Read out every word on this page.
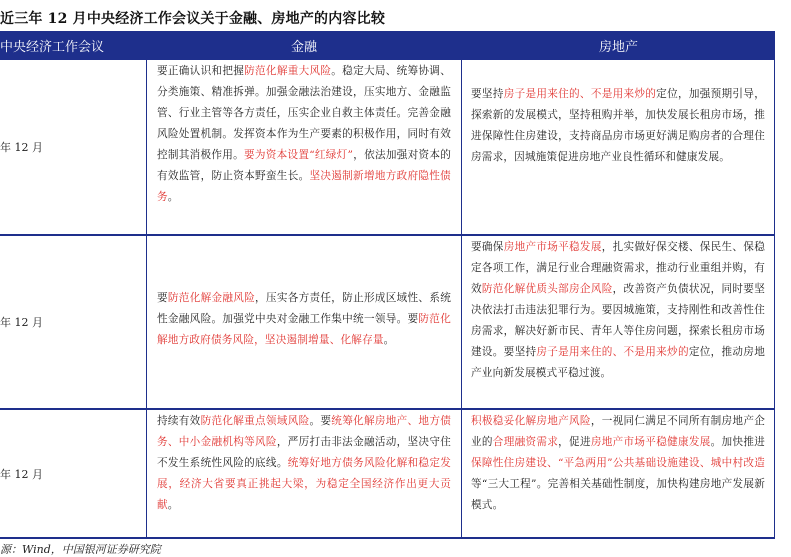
近三年 12 月中央经济工作会议关于金融、房地产的内容比较
中央经济工作会议	金融	房地产
年 12 月
要正确认识和把握防范化解重大风险。稳定大局、统筹协调、分类施策、精准拆弹。加强金融法治建设，压实地方、金融监管、行业主管等各方责任，压实企业自救主体责任。完善金融风险处置机制。发挥资本作为生产要素的积极作用，同时有效控制其消极作用。要为资本设置“红绿灯”，依法加强对资本的有效监管，防止资本野蛮生长。坚决遏制新增地方政府隐性债务。
要坚持房子是用来住的、不是用来炒的定位，加强预期引导，探索新的发展模式，坚持租购并举，加快发展长租房市场，推进保障性住房建设，支持商品房市场更好满足购房者的合理住房需求，因城施策促进房地产业良性循环和健康发展。
年 12 月
要防范化解金融风险，压实各方责任，防止形成区域性、系统性金融风险。加强党中央对金融工作集中统一领导。要防范化解地方政府债务风险，坚决遏制增量、化解存量。
要确保房地产市场平稳发展，扎实做好保交楼、保民生、保稳定各项工作，满足行业合理融资需求，推动行业重组并购，有效防范化解优质头部房企风险，改善资产负债状况，同时要坚决依法打击违法犯罪行为。要因城施策，支持刚性和改善性住房需求，解决好新市民、青年人等住房问题，探索长租房市场建设。要坚持房子是用来住的、不是用来炒的定位，推动房地产业向新发展模式平稳过渡。
年 12 月
持续有效防范化解重点领域风险。要统筹化解房地产、地方债务、中小金融机构等风险，严厉打击非法金融活动，坚决守住不发生系统性风险的底线。统筹好地方债务风险化解和稳定发展，经济大省要真正挑起大梁，为稳定全国经济作出更大贡献。
积极稳妥化解房地产风险，一视同仁满足不同所有制房地产企业的合理融资需求，促进房地产市场平稳健康发展。加快推进保障性住房建设、“平急两用”公共基础设施建设、城中村改造等“三大工程”。完善相关基础性制度，加快构建房地产发展新模式。
源：Wind，中国银河证券研究院
